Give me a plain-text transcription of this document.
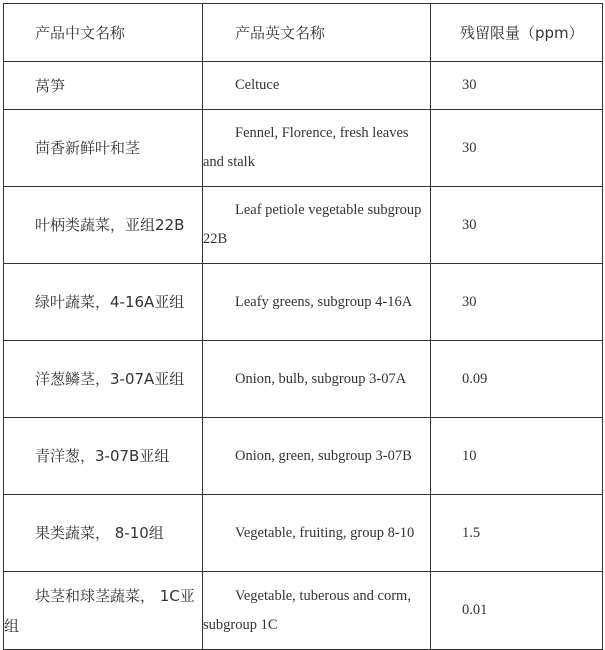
产品中文名称	产品英文名称	残留限量（ppm）
莴笋	Celtuce	30
茴香新鲜叶和茎	Fennel, Florence, fresh leaves and stalk	30
叶柄类蔬菜，亚组22B	Leaf petiole vegetable subgroup 22B	30
绿叶蔬菜，4-16A亚组	Leafy greens, subgroup 4-16A	30
洋葱鳞茎，3-07A亚组	Onion, bulb, subgroup 3-07A	0.09
青洋葱，3-07B亚组	Onion, green, subgroup 3-07B	10
果类蔬菜， 8-10组	Vegetable, fruiting, group 8-10	1.5
块茎和球茎蔬菜， 1C亚组	Vegetable, tuberous and corm, subgroup 1C	0.01
